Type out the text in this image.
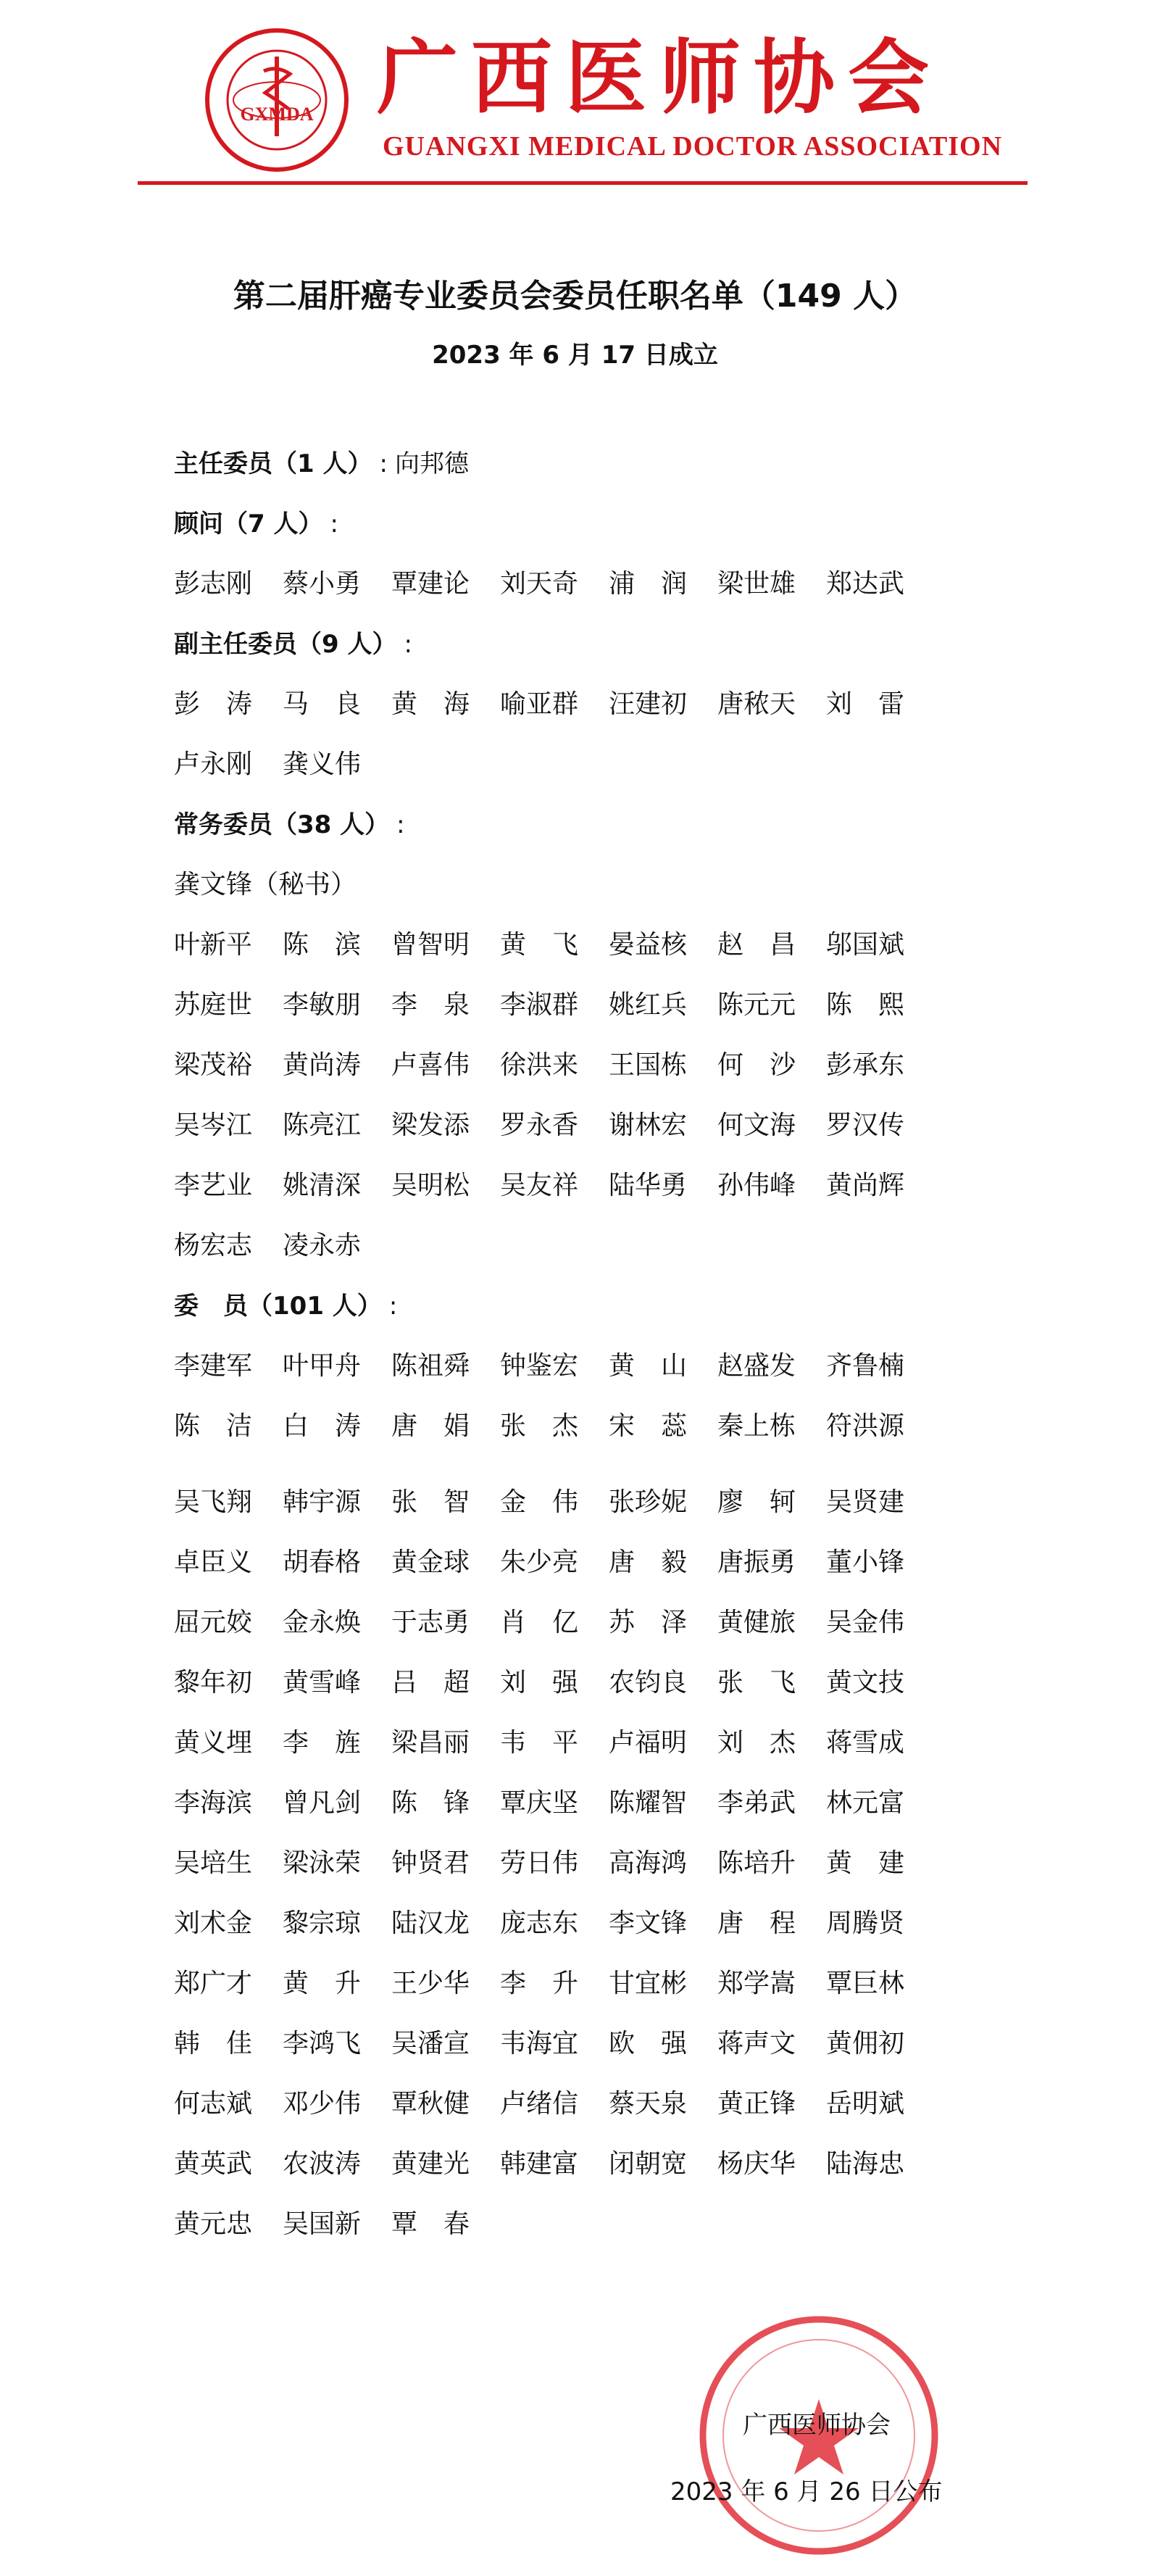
GXMDA 广西医师协会
GUANGXI MEDICAL DOCTOR ASSOCIATION
第二届肝癌专业委员会委员任职名单（149 人）
2023 年 6 月 17 日成立
主任委员（1 人） : 向邦德
顾问（7 人） :
彭志刚	蔡小勇	覃建论	刘天奇	浦　润	梁世雄	郑达武
副主任委员（9 人） :
彭　涛	马　良	黄　海	喻亚群	汪建初	唐秾天	刘　雷
卢永刚	龚义伟
常务委员（38 人） :
龚文锋（秘书）
叶新平	陈　滨	曾智明	黄　飞	晏益核	赵　昌	邬国斌
苏庭世	李敏朋	李　泉	李淑群	姚红兵	陈元元	陈　熙
梁茂裕	黄尚涛	卢喜伟	徐洪来	王国栋	何　沙	彭承东
吴岑江	陈亮江	梁发添	罗永香	谢林宏	何文海	罗汉传
李艺业	姚清深	吴明松	吴友祥	陆华勇	孙伟峰	黄尚辉
杨宏志	凌永赤
委　员（101 人） :
李建军	叶甲舟	陈祖舜	钟鉴宏	黄　山	赵盛发	齐鲁楠
陈　洁	白　涛	唐　娟	张　杰	宋　蕊	秦上栋	符洪源
吴飞翔	韩宇源	张　智	金　伟	张珍妮	廖　轲	吴贤建
卓臣义	胡春格	黄金球	朱少亮	唐　毅	唐振勇	董小锋
屈元姣	金永焕	于志勇	肖　亿	苏　泽	黄健旅	吴金伟
黎年初	黄雪峰	吕　超	刘　强	农钧良	张　飞	黄文技
黄义埋	李　旌	梁昌丽	韦　平	卢福明	刘　杰	蒋雪成
李海滨	曾凡剑	陈　锋	覃庆坚	陈耀智	李弟武	林元富
吴培生	梁泳荣	钟贤君	劳日伟	高海鸿	陈培升	黄　建
刘术金	黎宗琼	陆汉龙	庞志东	李文锋	唐　程	周腾贤
郑广才	黄　升	王少华	李　升	甘宜彬	郑学嵩	覃巨林
韩　佳	李鸿飞	吴潘宣	韦海宜	欧　强	蒋声文	黄佣初
何志斌	邓少伟	覃秋健	卢绪信	蔡天泉	黄正锋	岳明斌
黄英武	农波涛	黄建光	韩建富	闭朝宽	杨庆华	陆海忠
黄元忠	吴国新	覃　春
广西医师协会
2023 年 6 月 26 日公布
